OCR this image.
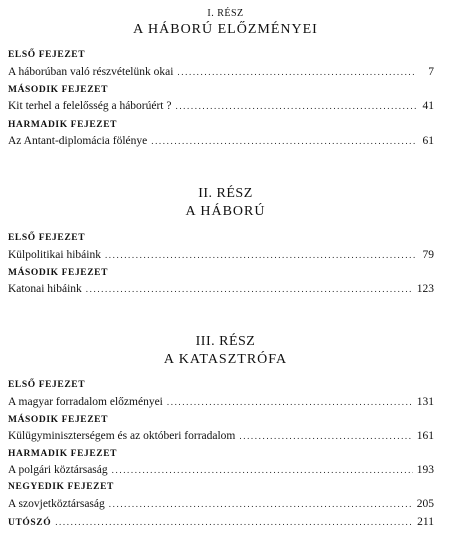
I. RÉSZ
A HÁBORÚ ELŐZMÉNYEI
ELSŐ FEJEZET
A háborúban való részvételünk okai .....	7
MÁSODIK FEJEZET
Kit terhel a felelősség a háborúért ? .....	41
HARMADIK FEJEZET
Az Antant-diplomácia fölénye .....	61
II. RÉSZ
A HÁBORÚ
ELSŐ FEJEZET
Külpolitikai hibáink .....	79
MÁSODIK FEJEZET
Katonai hibáink .....	123
III. RÉSZ
A KATASZTRÓFA
ELSŐ FEJEZET
A magyar forradalom előzményei .....	131
MÁSODIK FEJEZET
Külügyminiszterségem és az októberi forradalom .....	161
HARMADIK FEJEZET
A polgári köztársaság .....	193
NEGYEDIK FEJEZET
A szovjetköztársaság .....	205
UTÓSZÓ .....	211
